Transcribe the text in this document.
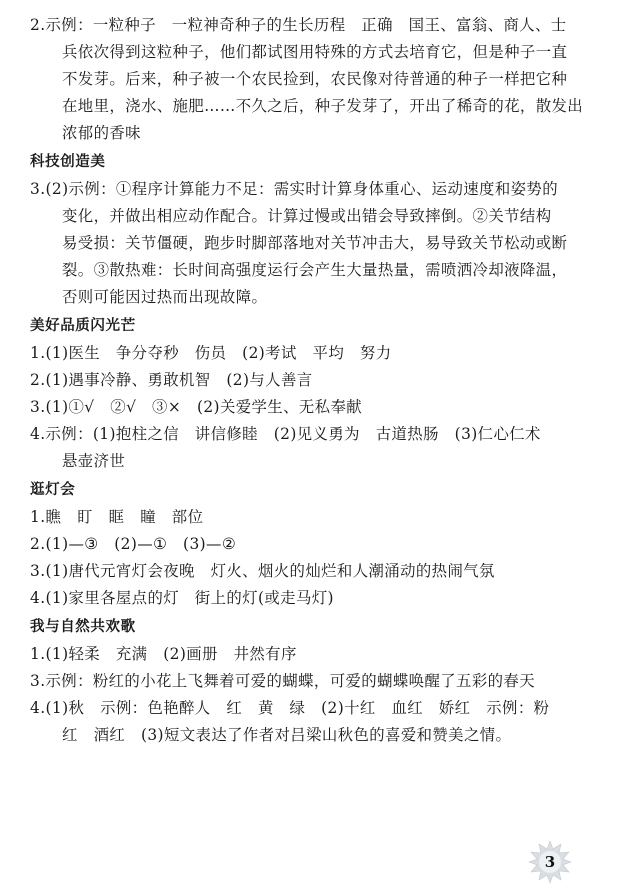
2.示例：一粒种子　一粒神奇种子的生长历程　正确　国王、富翁、商人、士
兵依次得到这粒种子，他们都试图用特殊的方式去培育它，但是种子一直
不发芽。后来，种子被一个农民捡到，农民像对待普通的种子一样把它种
在地里，浇水、施肥……不久之后，种子发芽了，开出了稀奇的花，散发出
浓郁的香味
科技创造美
3.(2)示例：①程序计算能力不足：需实时计算身体重心、运动速度和姿势的
变化，并做出相应动作配合。计算过慢或出错会导致摔倒。②关节结构
易受损：关节僵硬，跑步时脚部落地对关节冲击大，易导致关节松动或断
裂。③散热难：长时间高强度运行会产生大量热量，需喷洒冷却液降温，
否则可能因过热而出现故障。
美好品质闪光芒
1.(1)医生　争分夺秒　伤员　(2)考试　平均　努力
2.(1)遇事冷静、勇敢机智　(2)与人善言
3.(1)①√　②√　③×　(2)关爱学生、无私奉献
4.示例：(1)抱柱之信　讲信修睦　(2)见义勇为　古道热肠　(3)仁心仁术
悬壶济世
逛灯会
1.瞧　盯　眶　瞳　部位
2.(1)—③　(2)—①　(3)—②
3.(1)唐代元宵灯会夜晚　灯火、烟火的灿烂和人潮涌动的热闹气氛
4.(1)家里各屋点的灯　街上的灯(或走马灯)
我与自然共欢歌
1.(1)轻柔　充满　(2)画册　井然有序
3.示例：粉红的小花上飞舞着可爱的蝴蝶，可爱的蝴蝶唤醒了五彩的春天
4.(1)秋　示例：色艳醉人　红　黄　绿　(2)十红　血红　娇红　示例：粉
红　酒红　(3)短文表达了作者对吕梁山秋色的喜爱和赞美之情。
3
